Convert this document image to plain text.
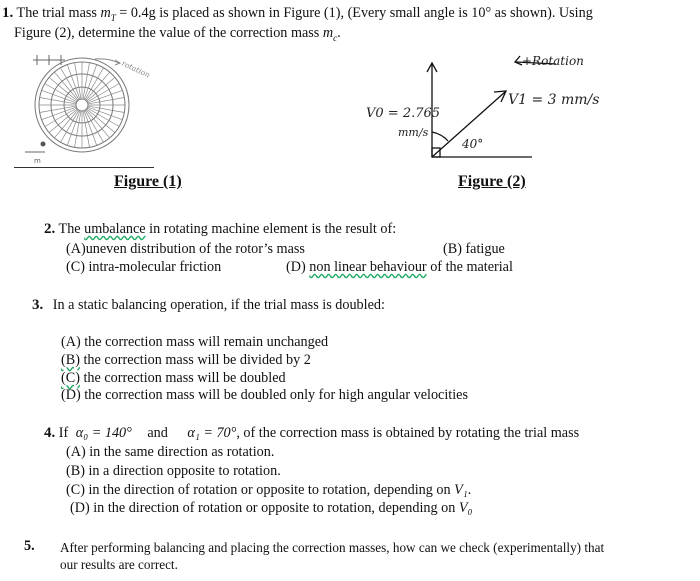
1. The trial mass $m_T = 0.4g$ is placed as shown in Figure (1), (Every small angle is 10° as shown). Using
Figure (2), determine the value of the correction mass $m_c$.
m
rotation
Figure (1)
+Rotation
V1 = 3 mm/s
V0 = 2.765
mm/s
40°
Figure (2)
2. The umbalance in rotating machine element is the result of:
(A)uneven distribution of the rotor’s mass	(B) fatigue
(C) intra-molecular friction	(D) non linear behaviour of the material
3. In a static balancing operation, if the trial mass is doubled:
(A) the correction mass will remain unchanged
(B) the correction mass will be divided by 2
(C) the correction mass will be doubled
(D) the correction mass will be doubled only for high angular velocities
4. If α₀ = 140° and α₁ = 70°, of the correction mass is obtained by rotating the trial mass
(A) in the same direction as rotation.
(B) in a direction opposite to rotation.
(C) in the direction of rotation or opposite to rotation, depending on V₁.
(D) in the direction of rotation or opposite to rotation, depending on V₀
5. After performing balancing and placing the correction masses, how can we check (experimentally) that
our results are correct.
